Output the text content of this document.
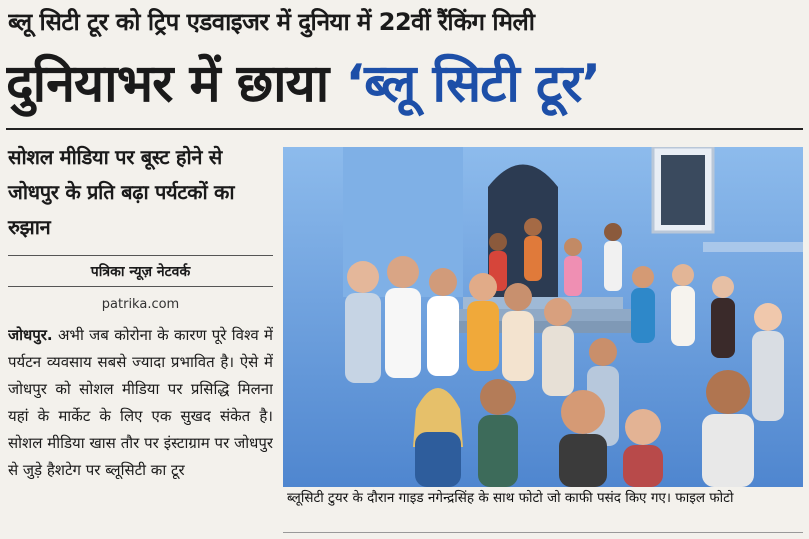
ब्लू सिटी टूर को ट्रिप एडवाइजर में दुनिया में 22वीं रैंकिंग मिली
दुनियाभर में छाया ‘ब्लू सिटी टूर’
सोशल मीडिया पर बूस्ट होने से जोधपुर के प्रति बढ़ा पर्यटकों का रुझान
पत्रिका न्यूज़ नेटवर्क
patrika.com
जोधपुर. अभी जब कोरोना के कारण पूरे विश्व में पर्यटन व्यवसाय सबसे ज्यादा प्रभावित है। ऐसे में जोधपुर को सोशल मीडिया पर प्रसिद्धि मिलना यहां के मार्केट के लिए एक सुखद संकेत है। सोशल मीडिया खास तौर पर इंस्टाग्राम पर जोधपुर से जुड़े हैशटेग पर ब्लूसिटी का टूर
ब्लूसिटी टुयर के दौरान गाइड नगेन्द्रसिंह के साथ फोटो जो काफी पसंद किए गए। फाइल फोटो
